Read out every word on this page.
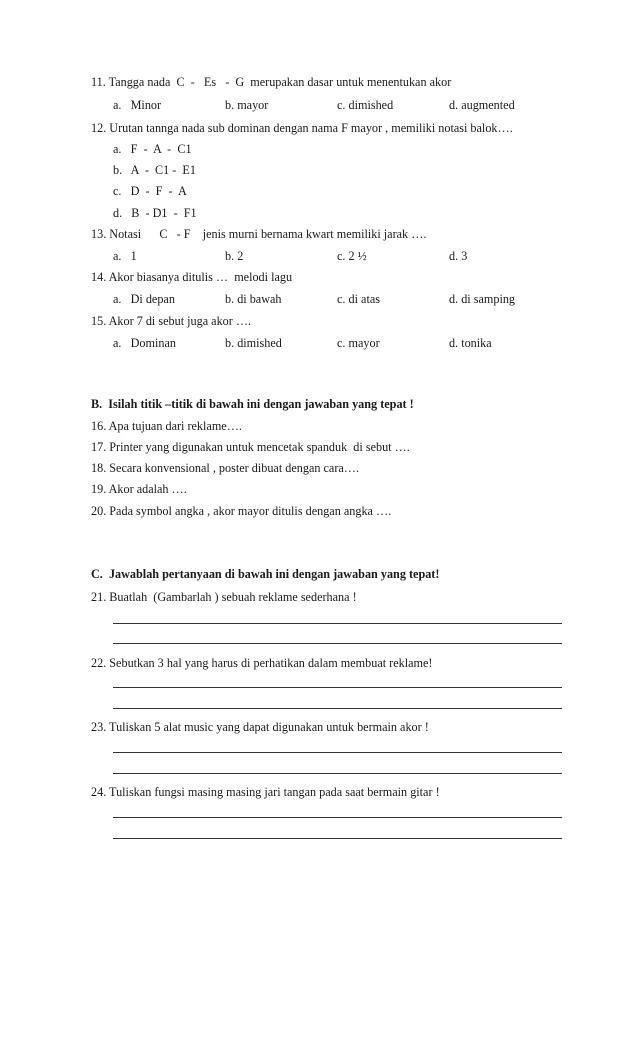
11. Tangga nada  C  -   Es   -  G  merupakan dasar untuk menentukan akor
a.   Minor	b. mayor	c. dimished	d. augmented
12. Urutan tannga nada sub dominan dengan nama F mayor , memiliki notasi balok….
a.   F  -  A  -  C1
b.   A  -  C1 -  E1
c.   D  -  F  -  A
d.   B  - D1  -  F1
13. Notasi      C   - F    jenis murni bernama kwart memiliki jarak ….
a.   1	b. 2	c. 2 ½	d. 3
14. Akor biasanya ditulis …  melodi lagu
a.   Di depan	b. di bawah	c. di atas	d. di samping
15. Akor 7 di sebut juga akor ….
a.   Dominan	b. dimished	c. mayor	d. tonika
B.  Isilah titik –titik di bawah ini dengan jawaban yang tepat !
16. Apa tujuan dari reklame….
17. Printer yang digunakan untuk mencetak spanduk  di sebut ….
18. Secara konvensional , poster dibuat dengan cara….
19. Akor adalah ….
20. Pada symbol angka , akor mayor ditulis dengan angka ….
C.  Jawablah pertanyaan di bawah ini dengan jawaban yang tepat!
21. Buatlah  (Gambarlah ) sebuah reklame sederhana !
22. Sebutkan 3 hal yang harus di perhatikan dalam membuat reklame!
23. Tuliskan 5 alat music yang dapat digunakan untuk bermain akor !
24. Tuliskan fungsi masing masing jari tangan pada saat bermain gitar !
